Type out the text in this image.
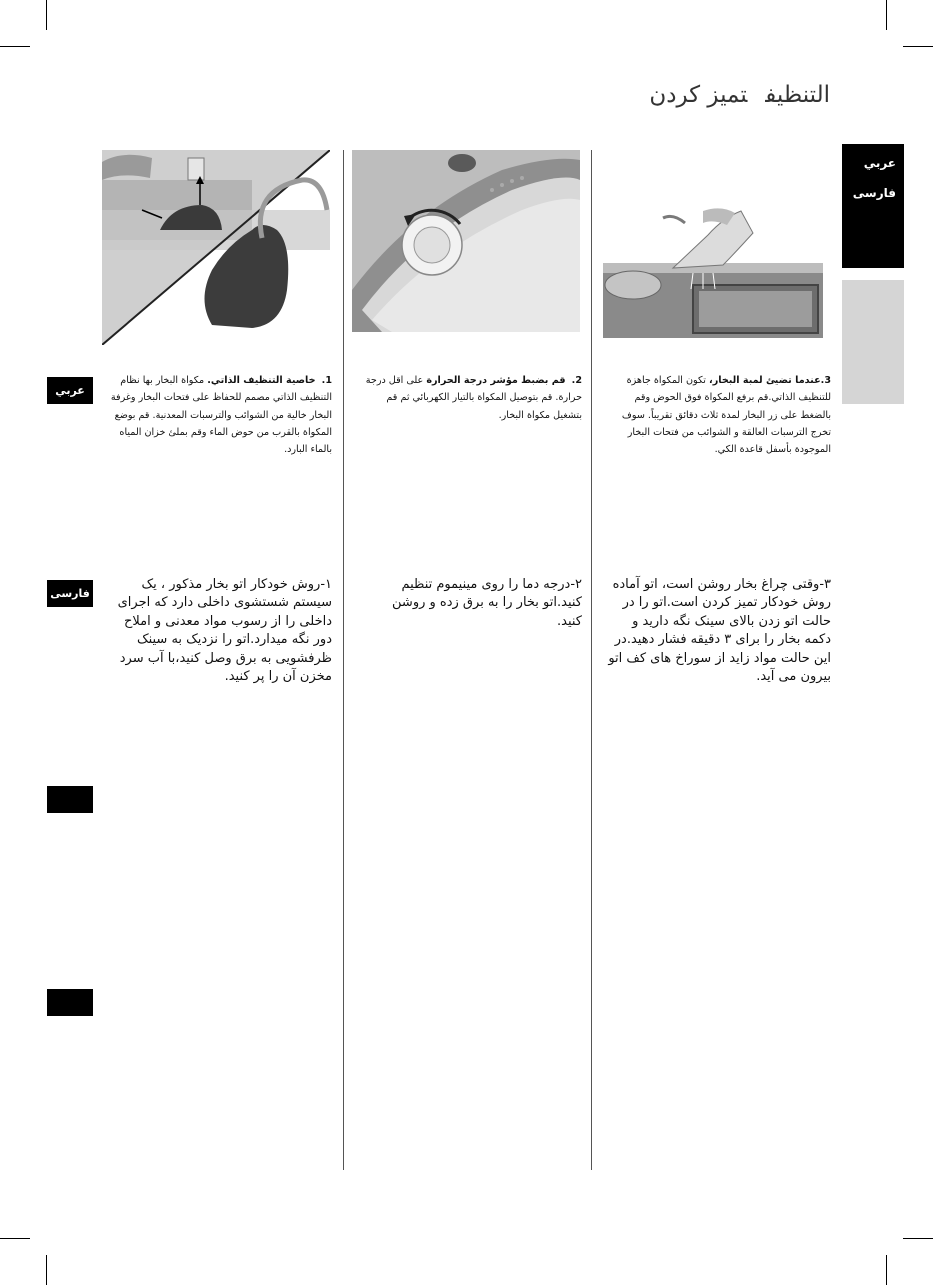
التنظيفتميز كردن
عربي
فارسی
عربي
فارسی
3.عندما تضيئ لمبة البخار، تكون المكواة جاهزة للتنظيف الذاتي.قم برفع المكواة فوق الحوض وقم بالضغط على زر البخار لمدة ثلاث دقائق تقريباً. سوف تخرج الترسبات العالقة و الشوائب من فتحات البخار الموجودة بأسفل قاعدة الكي.
2.  قم بضبط مؤشر درجة الحرارة على اقل درجة حرارة. قم بتوصيل المكواة بالتيار الكهربائي ثم قم بتشغيل مكواة البخار.
1.  خاصية التنظيف الذاتي. مكواة البخار بها نظام التنظيف الذاتي مصمم للحفاظ على فتحات البخار وغرفة البخار خالية من الشوائب والترسبات المعدنية. قم بوضع المكواة بالقرب من حوض الماء وقم بملئ خزان المياه بالماء البارد.
۳-وقتی چراغ بخار روشن است، اتو آماده روش خودکار تميز كردن است.اتو را در حالت اتو زدن بالای سینک نگه دارید و دکمه بخار را برای ۳ دقیقه فشار دهید.در این حالت مواد زاید از سوراخ های کف اتو بیرون می آید.
۲-درجه دما را روی مینیموم تنظیم کنید.اتو بخار را به برق زده و روشن کنید.
۱-روش خودکار اتو بخار مذکور ، یک سیستم شستشوی داخلی دارد که اجرای داخلی را از رسوب مواد معدنی و املاح دور نگه میدارد.اتو را نزدیک به سینک ظرفشویی به برق وصل کنید،با آب سرد مخزن آن را پر کنید.
